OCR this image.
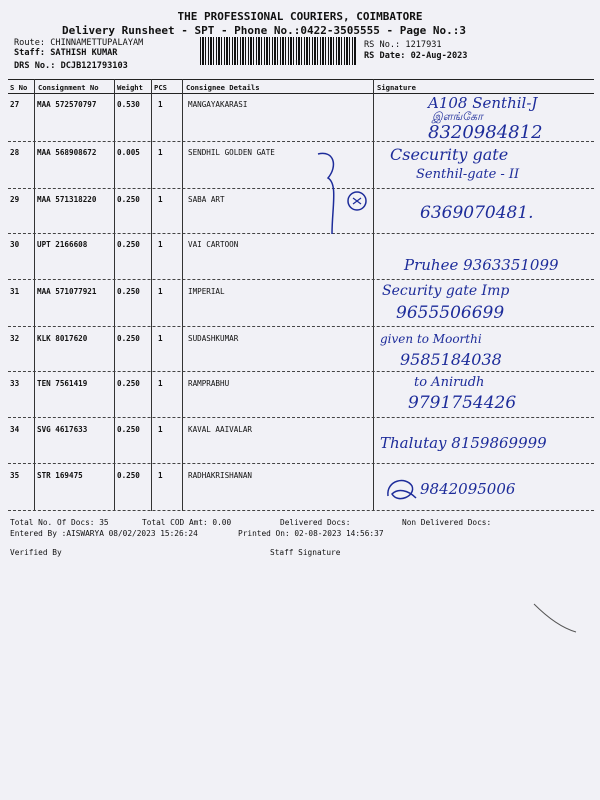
THE PROFESSIONAL COURIERS, COIMBATORE
Delivery Runsheet - SPT - Phone No.:0422-3505555 - Page No.:3
Route: CHINNAMETTUPALAYAM
Staff: SATHISH KUMAR
DRS No.: DCJB121793103
RS No.: 1217931
RS Date: 02-Aug-2023
S No Consignment No	Weight PCS	Consignee Details	Signature
27 MAA 572570797	0.530 1	MANGAYAKARASI	A108 Senthil-J
இளங்கோ
8320984812
28 MAA 568908672	0.005 1	SENDHIL GOLDEN GATE	Csecurity gate
Senthil-gate - II
29 MAA 571318220	0.250 1	SABA ART
6369070481.
30 UPT 2166608	0.250 1	VAI CARTOON
Pruhee 9363351099
31 MAA 571077921	0.250 1	IMPERIAL	Security gate Imp
9655506699
32 KLK 8017620	0.250 1	SUDASHKUMAR	given to Moorthi
9585184038
33 TEN 7561419	0.250 1	RAMPRABHU	to Anirudh
9791754426
34 SVG 4617633	0.250 1	KAVAL AAIVALAR
Thalutay 8159869999
35 STR 169475	0.250 1	RADHAKRISHANAN
9842095006
Total No. Of Docs: 35	Total COD Amt: 0.00	Delivered Docs:	Non Delivered Docs:
Entered By :AISWARYA 08/02/2023 15:26:24	Printed On: 02-08-2023 14:56:37
Verified By	Staff Signature
